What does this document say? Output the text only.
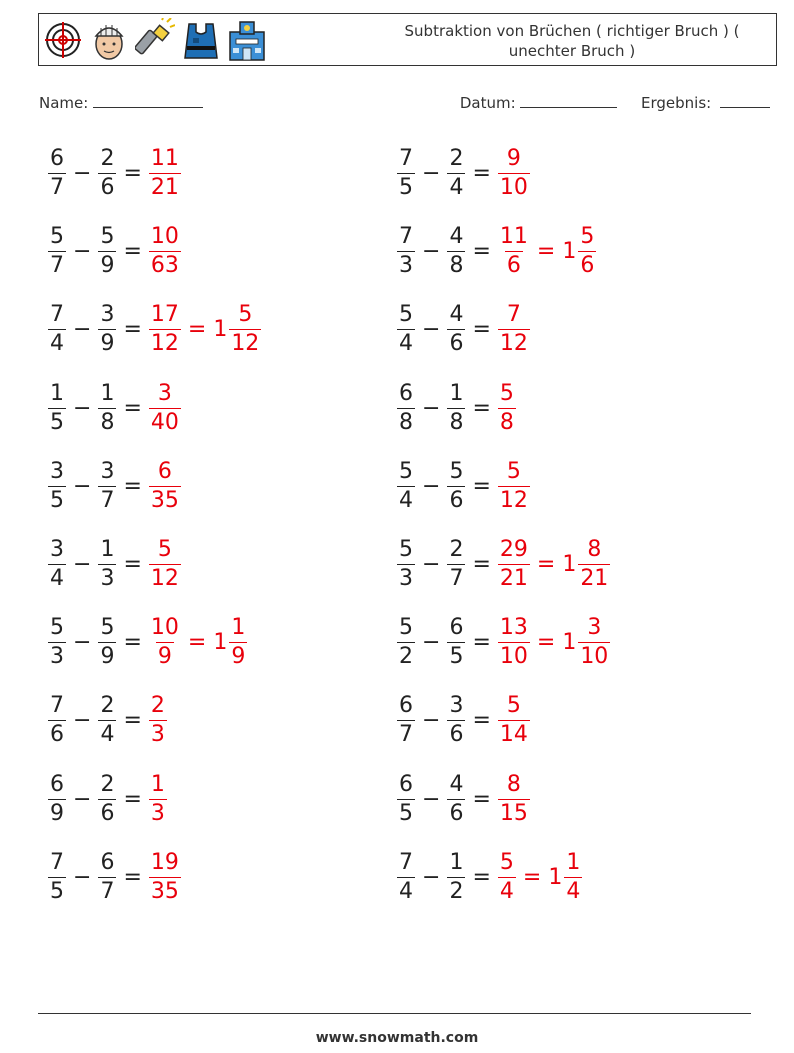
Subtraktion von Brüchen ( richtiger Bruch ) ( unechter Bruch )
Name:	Datum:	Ergebnis:
$\frac{6}{7} - \frac{2}{6} = \frac{11}{21}$
$\frac{5}{7} - \frac{5}{9} = \frac{10}{63}$
$\frac{7}{4} - \frac{3}{9} = \frac{17}{12} = 1 \frac{5}{12}$
$\frac{1}{5} - \frac{1}{8} = \frac{3}{40}$
$\frac{3}{5} - \frac{3}{7} = \frac{6}{35}$
$\frac{3}{4} - \frac{1}{3} = \frac{5}{12}$
$\frac{5}{3} - \frac{5}{9} = \frac{10}{9} = 1 \frac{1}{9}$
$\frac{7}{6} - \frac{2}{4} = \frac{2}{3}$
$\frac{6}{9} - \frac{2}{6} = \frac{1}{3}$
$\frac{7}{5} - \frac{6}{7} = \frac{19}{35}$
$\frac{7}{5} - \frac{2}{4} = \frac{9}{10}$
$\frac{7}{3} - \frac{4}{8} = \frac{11}{6} = 1 \frac{5}{6}$
$\frac{5}{4} - \frac{4}{6} = \frac{7}{12}$
$\frac{6}{8} - \frac{1}{8} = \frac{5}{8}$
$\frac{5}{4} - \frac{5}{6} = \frac{5}{12}$
$\frac{5}{3} - \frac{2}{7} = \frac{29}{21} = 1 \frac{8}{21}$
$\frac{5}{2} - \frac{6}{5} = \frac{13}{10} = 1 \frac{3}{10}$
$\frac{6}{7} - \frac{3}{6} = \frac{5}{14}$
$\frac{6}{5} - \frac{4}{6} = \frac{8}{15}$
$\frac{7}{4} - \frac{1}{2} = \frac{5}{4} = 1 \frac{1}{4}$
www.snowmath.com
